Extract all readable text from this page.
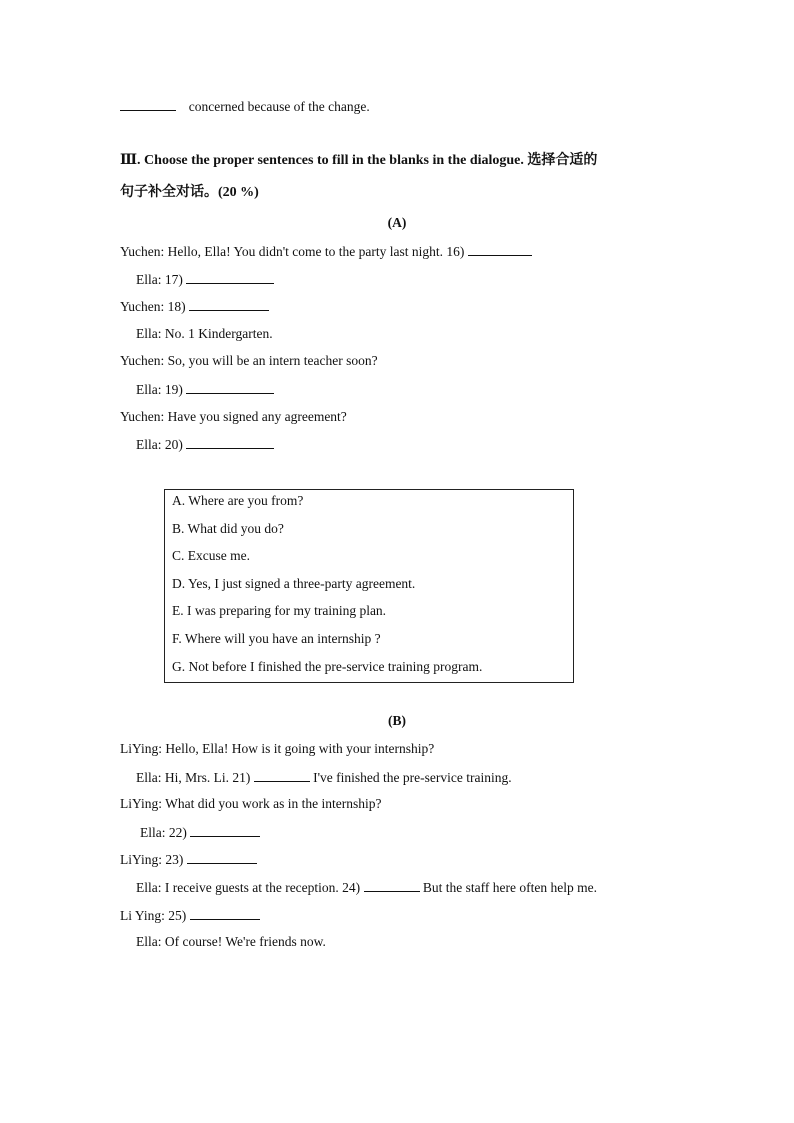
concerned because of the change.
Ⅲ. Choose the proper sentences to fill in the blanks in the dialogue. 选择合适的
句子补全对话。(20 %)
(A)
Yuchen: Hello, Ella! You didn't come to the party last night. 16)
Ella: 17)
Yuchen: 18)
Ella: No. 1 Kindergarten.
Yuchen: So, you will be an intern teacher soon?
Ella: 19)
Yuchen: Have you signed any agreement?
Ella: 20)
A. Where are you from?
B. What did you do?
C. Excuse me.
D. Yes, I just signed a three-party agreement.
E. I was preparing for my training plan.
F. Where will you have an internship ?
G. Not before I finished the pre-service training program.
(B)
LiYing: Hello, Ella! How is it going with your internship?
Ella: Hi, Mrs. Li. 21)	I've finished the pre-service training.
LiYing: What did you work as in the internship?
Ella: 22)
LiYing: 23)
Ella: I receive guests at the reception. 24)	But the staff here often help me.
Li Ying: 25)
Ella: Of course! We're friends now.
